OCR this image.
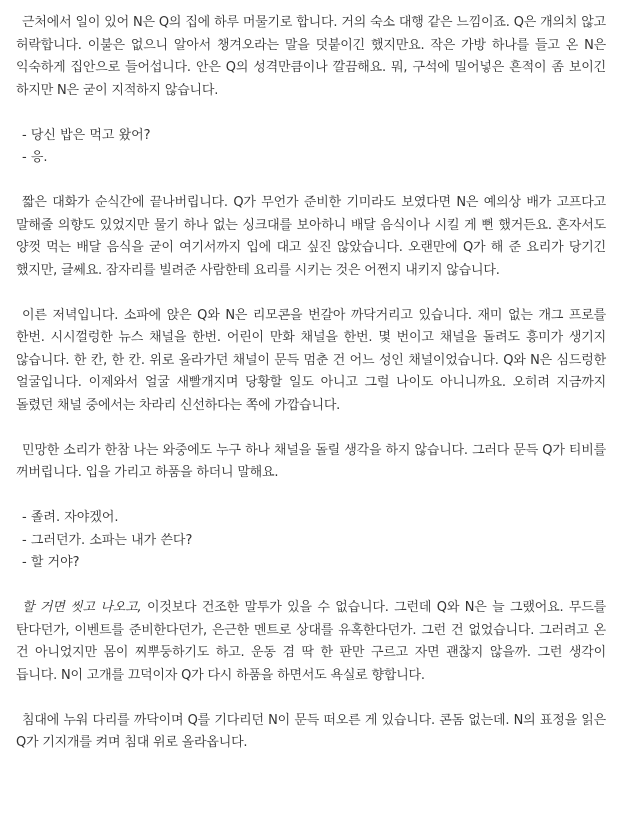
근처에서 일이 있어 N은 Q의 집에 하루 머물기로 합니다. 거의 숙소 대행 같은 느낌이죠. Q은 개의치 않고 허락합니다. 이불은 없으니 알아서 챙겨오라는 말을 덧붙이긴 했지만요. 작은 가방 하나를 들고 온 N은 익숙하게 집안으로 들어섭니다. 안은 Q의 성격만큼이나 깔끔해요. 뭐, 구석에 밀어넣은 흔적이 좀 보이긴 하지만 N은 굳이 지적하지 않습니다.

- 당신 밥은 먹고 왔어?
- 응.

짧은 대화가 순식간에 끝나버립니다. Q가 무언가 준비한 기미라도 보였다면 N은 예의상 배가 고프다고 말해줄 의향도 있었지만 물기 하나 없는 싱크대를 보아하니 배달 음식이나 시킬 게 뻔 했거든요. 혼자서도 양껏 먹는 배달 음식을 굳이 여기서까지 입에 대고 싶진 않았습니다. 오랜만에 Q가 해 준 요리가 당기긴 했지만, 글쎄요. 잠자리를 빌려준 사람한테 요리를 시키는 것은 어쩐지 내키지 않습니다.

이른 저녁입니다. 소파에 앉은 Q와 N은 리모콘을 번갈아 까닥거리고 있습니다. 재미 없는 개그 프로를 한번. 시시껄렁한 뉴스 채널을 한번. 어린이 만화 채널을 한번. 몇 번이고 채널을 돌려도 흥미가 생기지 않습니다. 한 칸, 한 칸. 위로 올라가던 채널이 문득 멈춘 건 어느 성인 채널이었습니다. Q와 N은 심드렁한 얼굴입니다. 이제와서 얼굴 새빨개지며 당황할 일도 아니고 그럴 나이도 아니니까요. 오히려 지금까지 돌렸던 채널 중에서는 차라리 신선하다는 쪽에 가깝습니다.

민망한 소리가 한참 나는 와중에도 누구 하나 채널을 돌릴 생각을 하지 않습니다. 그러다 문득 Q가 티비를 꺼버립니다. 입을 가리고 하품을 하더니 말해요.

- 졸려. 자야겠어.
- 그러던가. 소파는 내가 쓴다?
- 할 거야?

할 거면 씻고 나오고, 이것보다 건조한 말투가 있을 수 없습니다. 그런데 Q와 N은 늘 그랬어요. 무드를 탄다던가, 이벤트를 준비한다던가, 은근한 멘트로 상대를 유혹한다던가. 그런 건 없었습니다. 그러려고 온 건 아니었지만 몸이 찌뿌둥하기도 하고. 운동 겸 딱 한 판만 구르고 자면 괜찮지 않을까. 그런 생각이 듭니다. N이 고개를 끄덕이자 Q가 다시 하품을 하면서도 욕실로 향합니다.

침대에 누워 다리를 까닥이며 Q를 기다리던 N이 문득 떠오른 게 있습니다. 콘돔 없는데. N의 표정을 읽은 Q가 기지개를 켜며 침대 위로 올라옵니다.
